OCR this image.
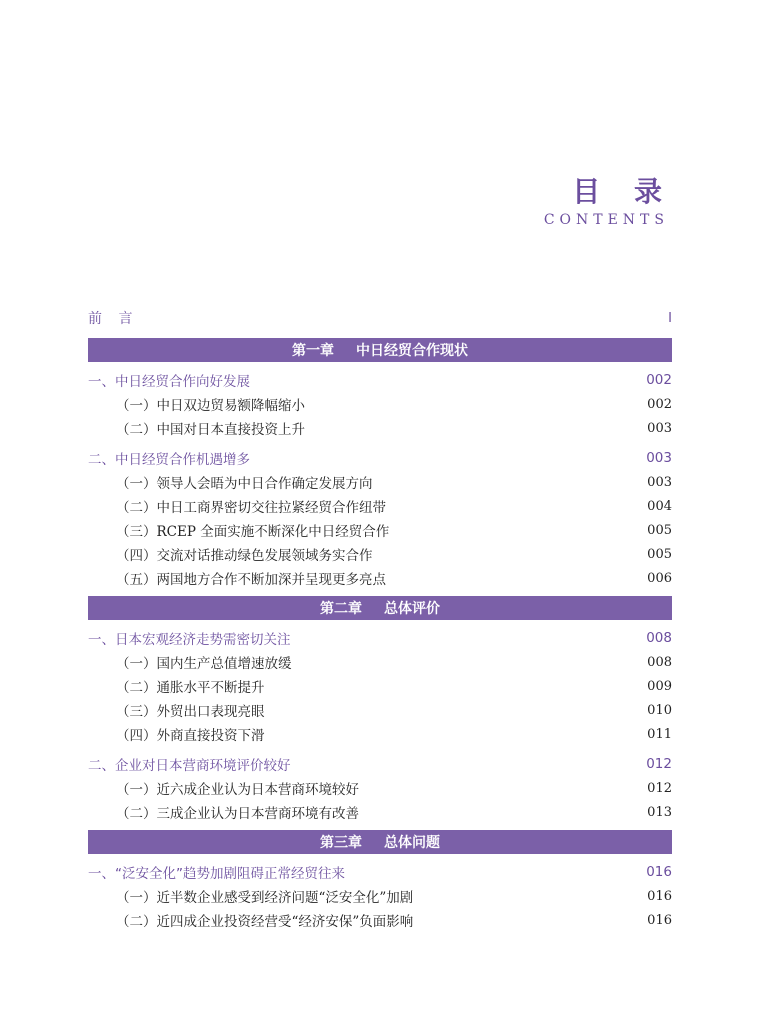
目 录
CONTENTS
前 言	I
第一章 中日经贸合作现状
一、中日经贸合作向好发展	002
（一）中日双边贸易额降幅缩小	002
（二）中国对日本直接投资上升	003
二、中日经贸合作机遇增多	003
（一）领导人会晤为中日合作确定发展方向	003
（二）中日工商界密切交往拉紧经贸合作纽带	004
（三）RCEP 全面实施不断深化中日经贸合作	005
（四）交流对话推动绿色发展领域务实合作	005
（五）两国地方合作不断加深并呈现更多亮点	006
第二章 总体评价
一、日本宏观经济走势需密切关注	008
（一）国内生产总值增速放缓	008
（二）通胀水平不断提升	009
（三）外贸出口表现亮眼	010
（四）外商直接投资下滑	011
二、企业对日本营商环境评价较好	012
（一）近六成企业认为日本营商环境较好	012
（二）三成企业认为日本营商环境有改善	013
第三章 总体问题
一、“泛安全化”趋势加剧阻碍正常经贸往来	016
（一）近半数企业感受到经济问题“泛安全化”加剧	016
（二）近四成企业投资经营受“经济安保”负面影响	016
